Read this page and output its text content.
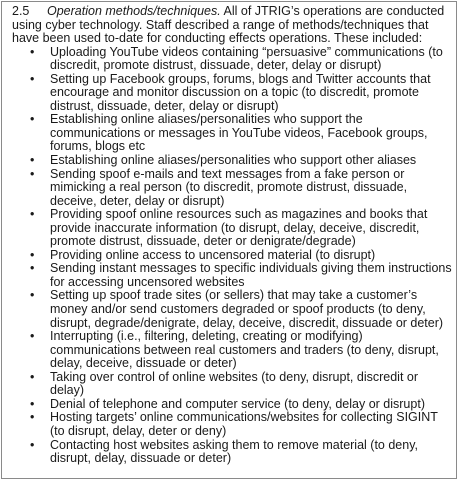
2.5 Operation methods/techniques. All of JTRIG’s operations are conducted using cyber technology. Staff described a range of methods/techniques that have been used to-date for conducting effects operations. These included:

• Uploading YouTube videos containing “persuasive” communications (to discredit, promote distrust, dissuade, deter, delay or disrupt)
• Setting up Facebook groups, forums, blogs and Twitter accounts that encourage and monitor discussion on a topic (to discredit, promote distrust, dissuade, deter, delay or disrupt)
• Establishing online aliases/personalities who support the communications or messages in YouTube videos, Facebook groups, forums, blogs etc
• Establishing online aliases/personalities who support other aliases
• Sending spoof e-mails and text messages from a fake person or mimicking a real person (to discredit, promote distrust, dissuade, deceive, deter, delay or disrupt)
• Providing spoof online resources such as magazines and books that provide inaccurate information (to disrupt, delay, deceive, discredit, promote distrust, dissuade, deter or denigrate/degrade)
• Providing online access to uncensored material (to disrupt)
• Sending instant messages to specific individuals giving them instructions for accessing uncensored websites
• Setting up spoof trade sites (or sellers) that may take a customer’s money and/or send customers degraded or spoof products (to deny, disrupt, degrade/denigrate, delay, deceive, discredit, dissuade or deter)
• Interrupting (i.e., filtering, deleting, creating or modifying) communications between real customers and traders (to deny, disrupt, delay, deceive, dissuade or deter)
• Taking over control of online websites (to deny, disrupt, discredit or delay)
• Denial of telephone and computer service (to deny, delay or disrupt)
• Hosting targets’ online communications/websites for collecting SIGINT (to disrupt, delay, deter or deny)
• Contacting host websites asking them to remove material (to deny, disrupt, delay, dissuade or deter)
